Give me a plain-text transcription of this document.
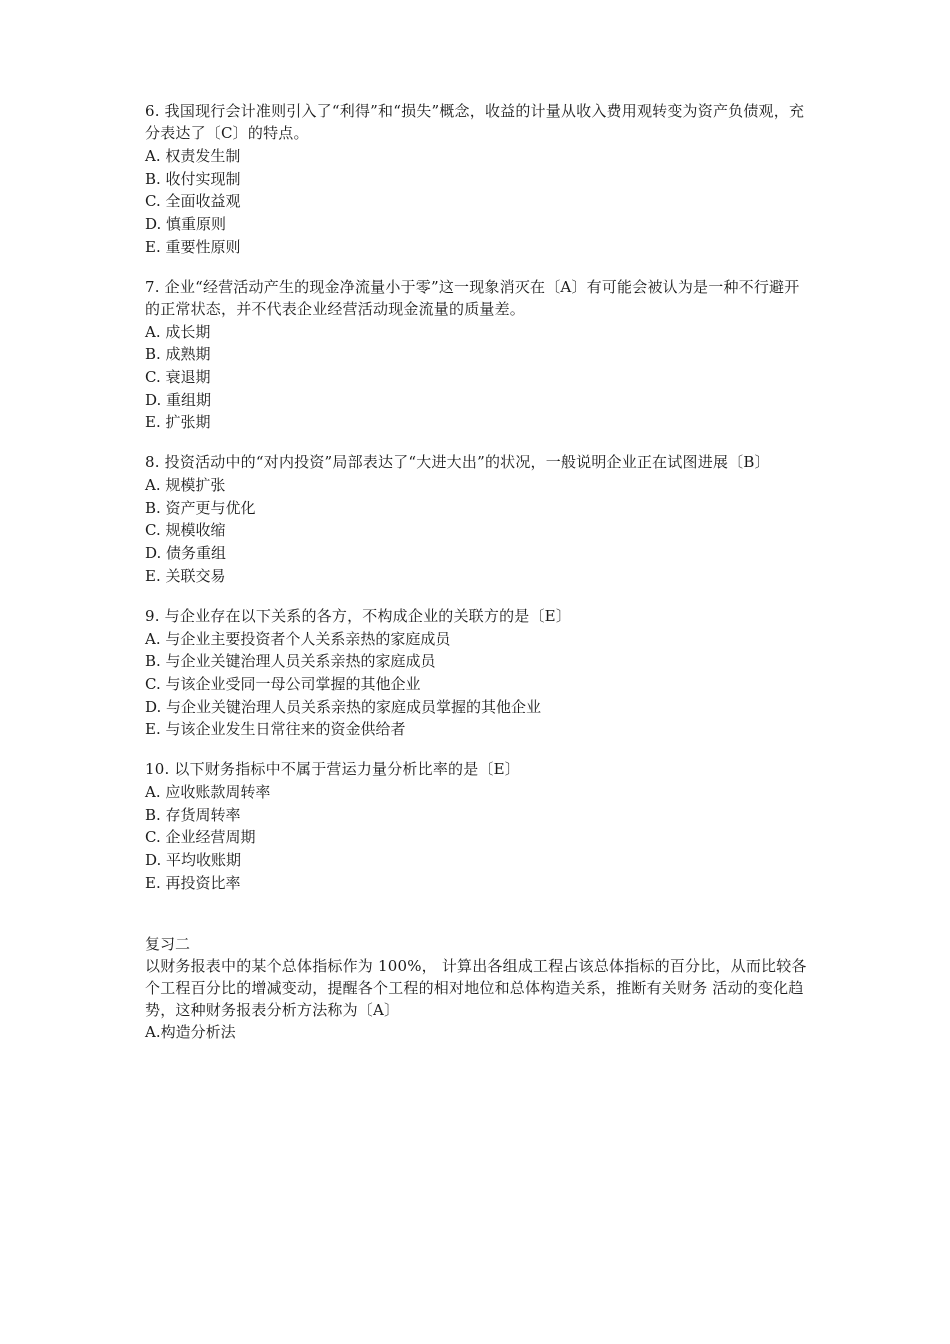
6. 我国现行会计准则引入了“利得”和“损失”概念，收益的计量从收入费用观转变为资产负债观，充分表达了〔C〕的特点。
A. 权责发生制
B. 收付实现制
C. 全面收益观
D. 慎重原则
E. 重要性原则
7. 企业“经营活动产生的现金净流量小于零”这一现象消灭在〔A〕有可能会被认为是一种不行避开的正常状态，并不代表企业经营活动现金流量的质量差。
A. 成长期
B. 成熟期
C. 衰退期
D. 重组期
E. 扩张期
8. 投资活动中的“对内投资”局部表达了“大进大出”的状况，一般说明企业正在试图进展〔B〕
A. 规模扩张
B. 资产更与优化
C. 规模收缩
D. 债务重组
E. 关联交易
9. 与企业存在以下关系的各方，不构成企业的关联方的是〔E〕
A. 与企业主要投资者个人关系亲热的家庭成员
B. 与企业关键治理人员关系亲热的家庭成员
C. 与该企业受同一母公司掌握的其他企业
D. 与企业关键治理人员关系亲热的家庭成员掌握的其他企业
E. 与该企业发生日常往来的资金供给者
10. 以下财务指标中不属于营运力量分析比率的是〔E〕
A. 应收账款周转率
B. 存货周转率
C. 企业经营周期
D. 平均收账期
E. 再投资比率
复习二
以财务报表中的某个总体指标作为 100%， 计算出各组成工程占该总体指标的百分比，从而比较各个工程百分比的增减变动，提醒各个工程的相对地位和总体构造关系，推断有关财务 活动的变化趋势，这种财务报表分析方法称为〔A〕
A.构造分析法
